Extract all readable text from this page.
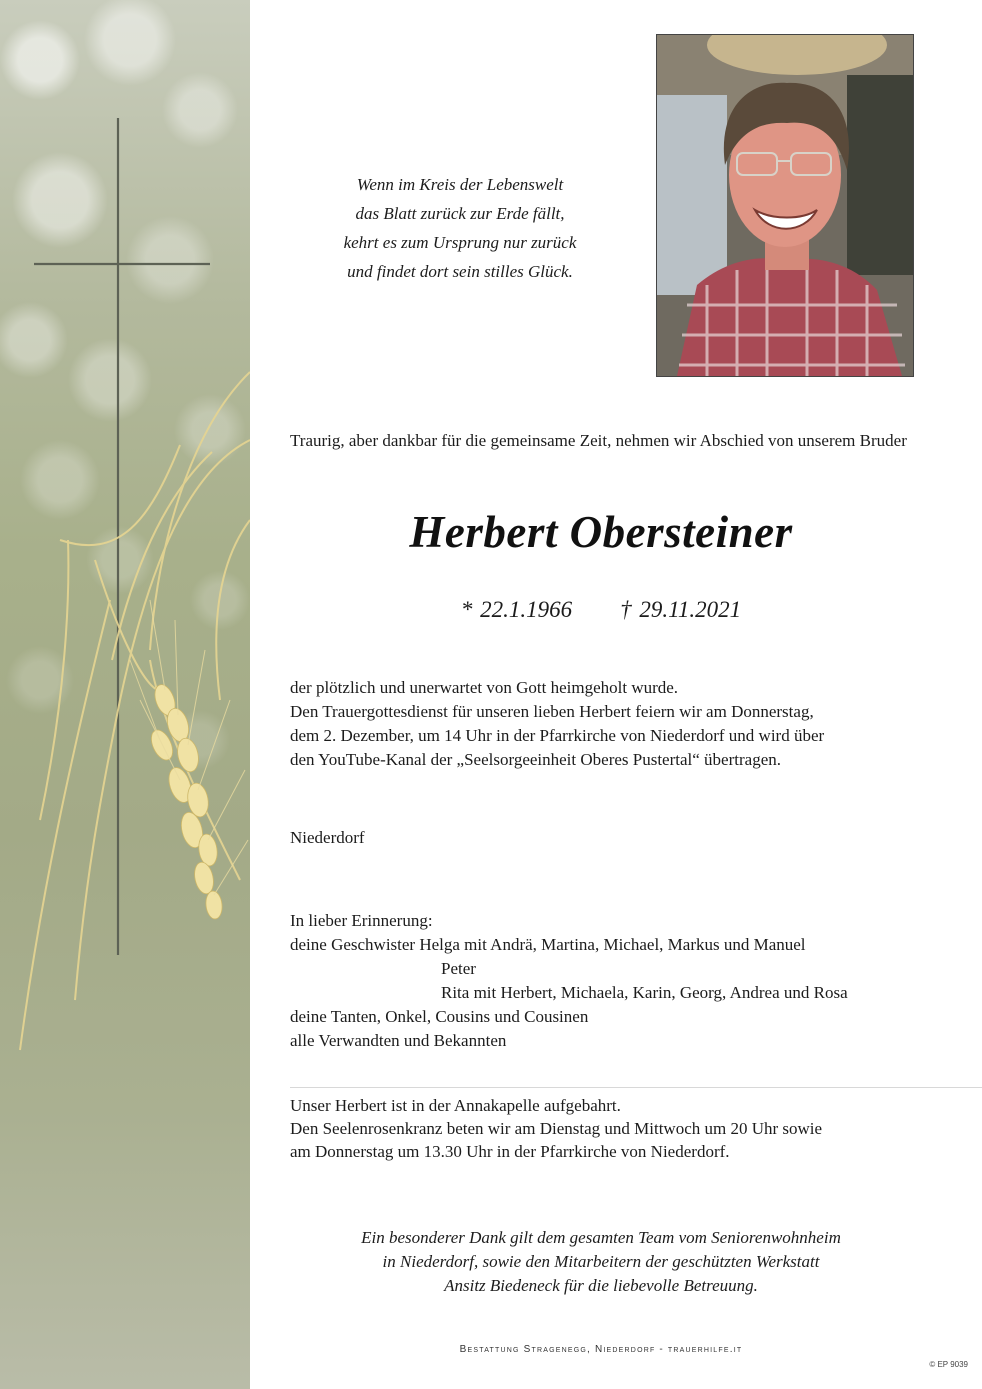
Wenn im Kreis der Lebenswelt
das Blatt zurück zur Erde fällt,
kehrt es zum Ursprung nur zurück
und findet dort sein stilles Glück.
Traurig, aber dankbar für die gemeinsame Zeit, nehmen wir Abschied von unserem Bruder
Herbert Obersteiner
* 22.1.1966 † 29.11.2021
der plötzlich und unerwartet von Gott heimgeholt wurde.
Den Trauergottesdienst für unseren lieben Herbert feiern wir am Donnerstag,
dem 2. Dezember, um 14 Uhr in der Pfarrkirche von Niederdorf und wird über
den YouTube-Kanal der „Seelsorgeeinheit Oberes Pustertal“ übertragen.
Niederdorf
In lieber Erinnerung:
deine Geschwister Helga mit Andrä, Martina, Michael, Markus und Manuel
Peter
Rita mit Herbert, Michaela, Karin, Georg, Andrea und Rosa
deine Tanten, Onkel, Cousins und Cousinen
alle Verwandten und Bekannten
Unser Herbert ist in der Annakapelle aufgebahrt.
Den Seelenrosenkranz beten wir am Dienstag und Mittwoch um 20 Uhr sowie
am Donnerstag um 13.30 Uhr in der Pfarrkirche von Niederdorf.
Ein besonderer Dank gilt dem gesamten Team vom Seniorenwohnheim
in Niederdorf, sowie den Mitarbeitern der geschützten Werkstatt
Ansitz Biedeneck für die liebevolle Betreuung.
Bestattung Stragenegg, Niederdorf - trauerhilfe.it
© EP 9039
